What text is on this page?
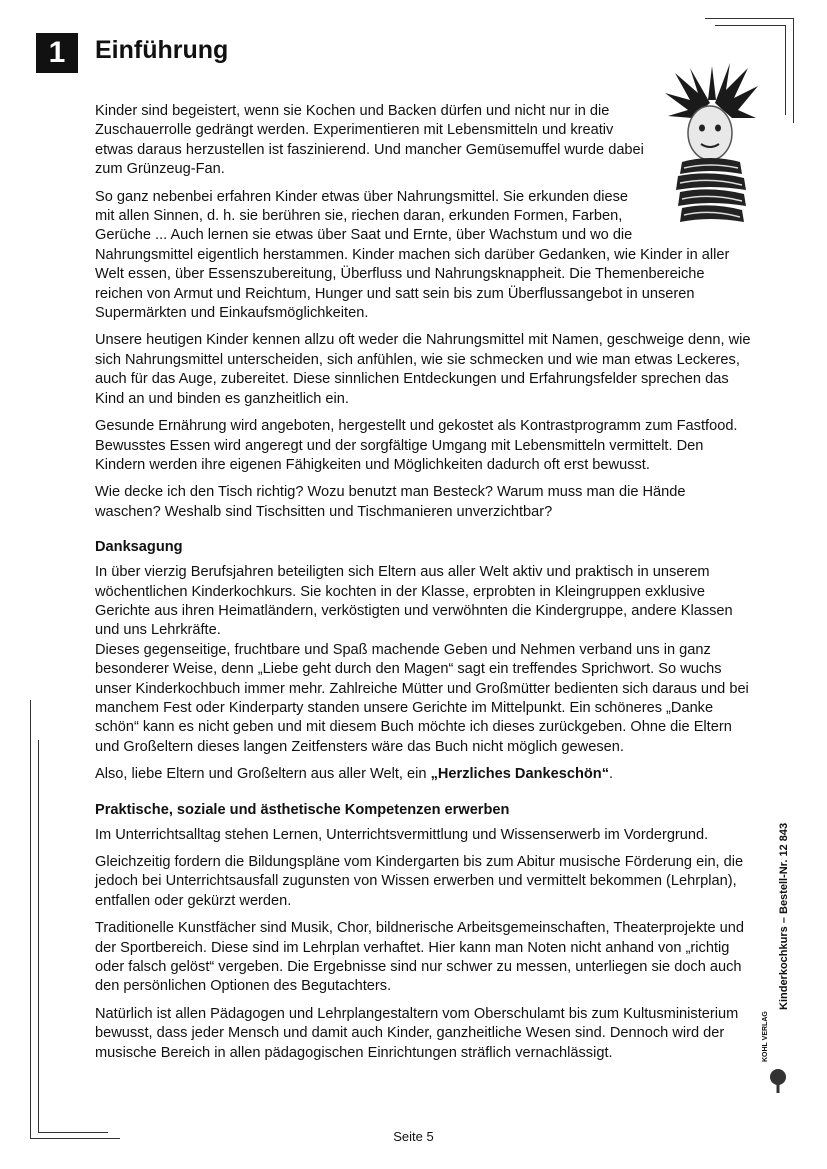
1	Einführung

Kinder sind begeistert, wenn sie Kochen und Backen dürfen und nicht nur in die Zuschauerrolle gedrängt werden. Experimentieren mit Lebensmitteln und kreativ etwas daraus herzustellen ist faszinierend. Und mancher Gemüsemuffel wurde dabei zum Grünzeug-Fan.

So ganz nebenbei erfahren Kinder etwas über Nahrungsmittel. Sie erkunden diese mit allen Sinnen, d. h. sie berühren sie, riechen daran, erkunden Formen, Farben, Gerüche ... Auch lernen sie etwas über Saat und Ernte, über Wachstum und wo die Nahrungsmittel eigentlich herstammen. Kinder machen sich darüber Gedanken, wie Kinder in aller Welt essen, über Essenszubereitung, Überfluss und Nahrungsknappheit. Die Themenbereiche reichen von Armut und Reichtum, Hunger und satt sein bis zum Überflussangebot in unseren Supermärkten und Einkaufsmöglichkeiten.

Unsere heutigen Kinder kennen allzu oft weder die Nahrungsmittel mit Namen, geschweige denn, wie sich Nahrungsmittel unterscheiden, sich anfühlen, wie sie schmecken und wie man etwas Leckeres, auch für das Auge, zubereitet. Diese sinnlichen Entdeckungen und Erfahrungsfelder sprechen das Kind an und binden es ganzheitlich ein.

Gesunde Ernährung wird angeboten, hergestellt und gekostet als Kontrastprogramm zum Fastfood. Bewusstes Essen wird angeregt und der sorgfältige Umgang mit Lebensmitteln vermittelt. Den Kindern werden ihre eigenen Fähigkeiten und Möglichkeiten dadurch oft erst bewusst.

Wie decke ich den Tisch richtig? Wozu benutzt man Besteck? Warum muss man die Hände waschen? Weshalb sind Tischsitten und Tischmanieren unverzichtbar?

Danksagung

In über vierzig Berufsjahren beteiligten sich Eltern aus aller Welt aktiv und praktisch in unserem wöchentlichen Kinderkochkurs. Sie kochten in der Klasse, erprobten in Kleingruppen exklusive Gerichte aus ihren Heimatländern, verköstigten und verwöhnten die Kindergruppe, andere Klassen und uns Lehrkräfte.
Dieses gegenseitige, fruchtbare und Spaß machende Geben und Nehmen verband uns in ganz besonderer Weise, denn „Liebe geht durch den Magen“ sagt ein treffendes Sprichwort. So wuchs unser Kinderkochbuch immer mehr. Zahlreiche Mütter und Großmütter bedienten sich daraus und bei manchem Fest oder Kinderparty standen unsere Gerichte im Mittelpunkt. Ein schöneres „Danke schön“ kann es nicht geben und mit diesem Buch möchte ich dieses zurückgeben. Ohne die Eltern und Großeltern dieses langen Zeitfensters wäre das Buch nicht möglich gewesen.

Also, liebe Eltern und Großeltern aus aller Welt, ein „Herzliches Dankeschön“.

Praktische, soziale und ästhetische Kompetenzen erwerben

Im Unterrichtsalltag stehen Lernen, Unterrichtsvermittlung und Wissenserwerb im Vordergrund.

Gleichzeitig fordern die Bildungspläne vom Kindergarten bis zum Abitur musische Förderung ein, die jedoch bei Unterrichtsausfall zugunsten von Wissen erwerben und vermittelt bekommen (Lehrplan), entfallen oder gekürzt werden.

Traditionelle Kunstfächer sind Musik, Chor, bildnerische Arbeitsgemeinschaften, Theaterprojekte und der Sportbereich. Diese sind im Lehrplan verhaftet. Hier kann man Noten nicht anhand von „richtig oder falsch gelöst“ vergeben. Die Ergebnisse sind nur schwer zu messen, unterliegen sie doch auch den persönlichen Optionen des Begutachters.

Natürlich ist allen Pädagogen und Lehrplangestaltern vom Oberschulamt bis zum Kultusministerium bewusst, dass jeder Mensch und damit auch Kinder, ganzheitliche Wesen sind. Dennoch wird der musische Bereich in allen pädagogischen Einrichtungen sträflich vernachlässigt.

Kinderkochkurs – Bestell-Nr. 12 843
KOHL VERLAG
Seite 5
